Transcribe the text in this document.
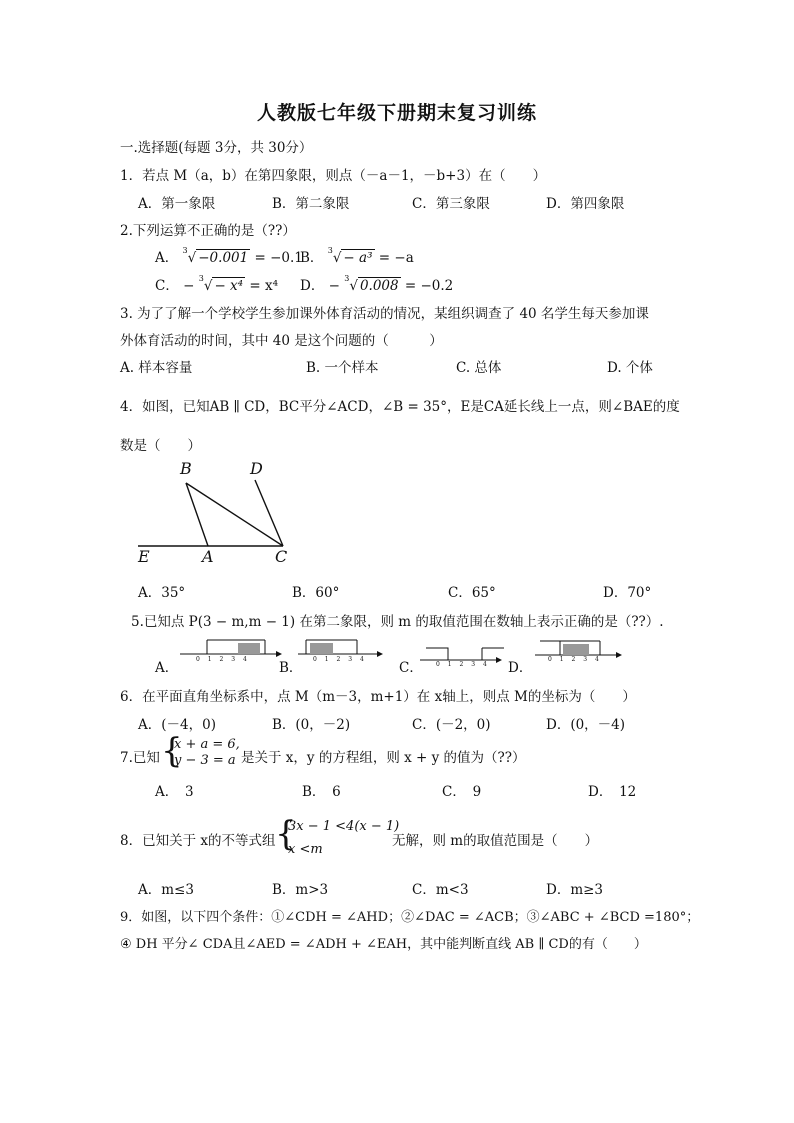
人教版七年级下册期末复习训练
一.选择题(每题 3分，共 30分）
1．若点 M（a，b）在第四象限，则点（－a－1，－b+3）在（　　）
A．第一象限	B．第二象限	C．第三象限	D．第四象限
2.下列运算不正确的是（??）
A． $^3$√ −0.001 = −0.1
B． $^3$√ − a³ = −a
C． − $^3$√ − x⁴ = x⁴ D． − $^3$√ 0.008 = −0.2
3. 为了了解一个学校学生参加课外体育活动的情况，某组织调查了 40 名学生每天参加课
外体育活动的时间，其中 40 是这个问题的（　　　）
A. 样本容量	B. 一个样本	C. 总体	D. 个体
4．如图，已知AB ∥ CD，BC平分∠ACD，∠B = 35°，E是CA延长线上一点，则∠BAE的度
数是（　　）
B	D
E	A	C
A．35°	B．60°	C．65°	D．70°
5.已知点 P(3 − m,m − 1) 在第二象限，则 m 的取值范围在数轴上表示正确的是（??）.
A．	B．	C．	D．
0 1 2 3 4	0 1 2 3 4
0 1 2 3 4
0 1 2 3 4
6．在平面直角坐标系中，点 M（m－3，m+1）在 x轴上，则点 M的坐标为（　　）
A．(－4，0)	B．(0，－2)	C．(－2，0)	D．(0，－4)
7.已知 {
x + a = 6,
y − 3 = a 是关于 x，y 的方程组，则 x + y 的值为（??）
A．　3	B．　6	C．　9	D．　12
8．已知关于 x的不等式组 {
3x − 1 <4(x − 1)
x <m
无解，则 m的取值范围是（　　）
A．m≤3	B．m>3	C．m<3	D．m≥3
9．如图，以下四个条件：①∠CDH = ∠AHD；②∠DAC = ∠ACB；③∠ABC + ∠BCD =180°；
④ DH 平分∠ CDA且∠AED = ∠ADH + ∠EAH，其中能判断直线 AB ∥ CD的有（　　）
